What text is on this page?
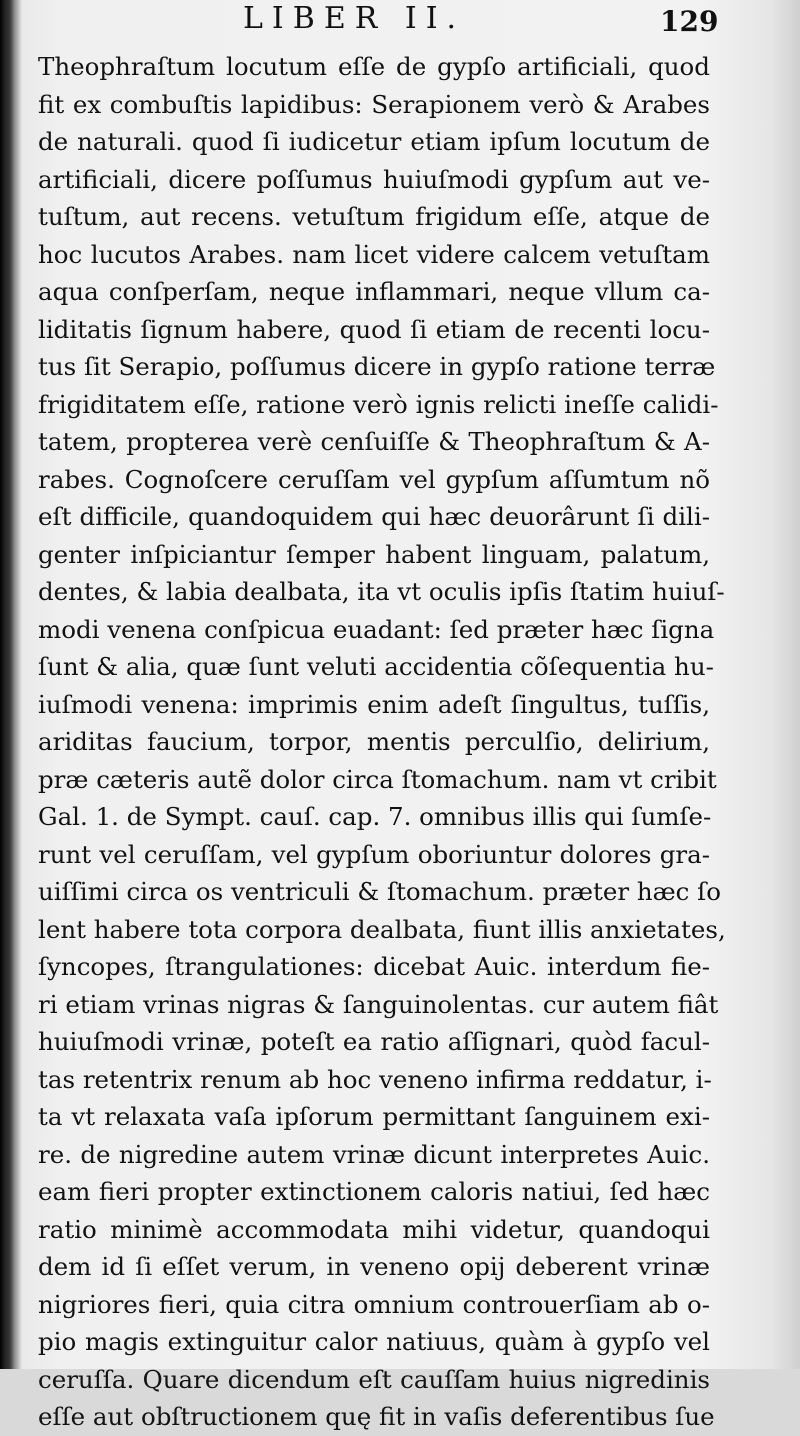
LIBER II.	129
Theophraſtum locutum eſſe de gypſo artificiali, quod
fit ex combuſtis lapidibus: Serapionem verò & Arabes
de naturali. quod ſi iudicetur etiam ipſum locutum de
artificiali, dicere poſſumus huiuſmodi gypſum aut ve-
tuſtum, aut recens. vetuſtum frigidum eſſe, atque de
hoc lucutos Arabes. nam licet videre calcem vetuſtam
aqua conſperſam, neque inflammari, neque vllum ca-
liditatis ſignum habere, quod ſi etiam de recenti locu-
tus ſit Serapio, poſſumus dicere in gypſo ratione terræ
frigiditatem eſſe, ratione verò ignis relicti ineſſe calidi-
tatem, propterea verè cenſuiſſe & Theophraſtum & A-
rabes. Cognoſcere ceruſſam vel gypſum aſſumtum nõ
eſt difficile, quandoquidem qui hæc deuorârunt ſi dili-
genter inſpiciantur ſemper habent linguam, palatum,
dentes, & labia dealbata, ita vt oculis ipſis ſtatim huiuſ-
modi venena conſpicua euadant: ſed præter hæc ſigna
ſunt & alia, quæ ſunt veluti accidentia cõſequentia hu-
iuſmodi venena: imprimis enim adeſt ſingultus, tuſſis,
ariditas faucium, torpor, mentis perculſio, delirium,
præ cæteris autẽ dolor circa ſtomachum. nam vt cribit
Gal. 1. de Sympt. cauſ. cap. 7. omnibus illis qui ſumſe-
runt vel ceruſſam, vel gypſum oboriuntur dolores gra-
uiſſimi circa os ventriculi & ſtomachum. præter hæc ſo
lent habere tota corpora dealbata, fiunt illis anxietates,
ſyncopes, ſtrangulationes: dicebat Auic. interdum fie-
ri etiam vrinas nigras & ſanguinolentas. cur autem fiât
huiuſmodi vrinæ, poteſt ea ratio aſſignari, quòd facul-
tas retentrix renum ab hoc veneno infirma reddatur, i-
ta vt relaxata vaſa ipſorum permittant ſanguinem exi-
re. de nigredine autem vrinæ dicunt interpretes Auic.
eam fieri propter extinctionem caloris natiui, ſed hæc
ratio minimè accommodata mihi videtur, quandoqui
dem id ſi eſſet verum, in veneno opij deberent vrinæ
nigriores fieri, quia citra omnium controuerſiam ab o-
pio magis extinguitur calor natiuus, quàm à gypſo vel
ceruſſa. Quare dicendum eſt cauſſam huius nigredinis
eſſe aut obſtructionem quę fit in vaſis deferentibus ſue
